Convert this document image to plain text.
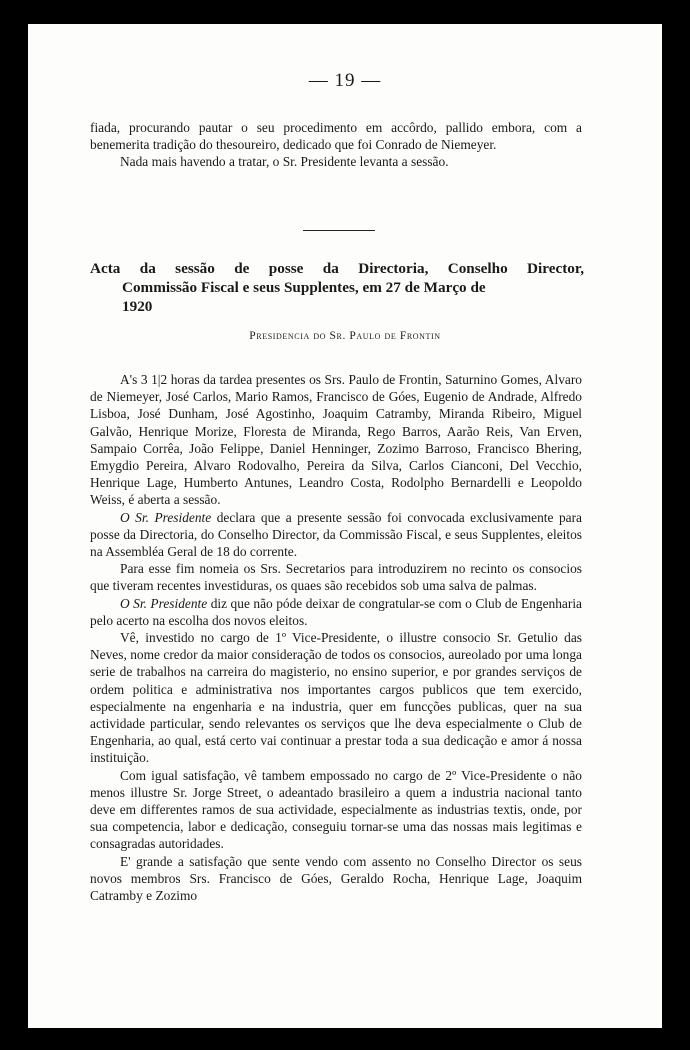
— 19 —

fiada, procurando pautar o seu procedimento em accôrdo, pallido embora, com a benemerita tradição do thesoureiro, dedicado que foi Conrado de Niemeyer.

Nada mais havendo a tratar, o Sr. Presidente levanta a sessão.

Acta da sessão de posse da Directoria, Conselho Director,
Commissão Fiscal e seus Supplentes, em 27 de Março de
1920
Presidencia do Sr. Paulo de Frontin

A's 3 1|2 horas da tardea presentes os Srs. Paulo de Frontin, Saturnino Gomes, Alvaro de Niemeyer, José Carlos, Mario Ramos, Francisco de Góes, Eugenio de Andrade, Alfredo Lisboa, José Dunham, José Agostinho, Joaquim Catramby, Miranda Ribeiro, Miguel Galvão, Henrique Morize, Floresta de Miranda, Rego Barros, Aarão Reis, Van Erven, Sampaio Corrêa, João Felippe, Daniel Henninger, Zozimo Barroso, Francisco Bhering, Emygdio Pereira, Alvaro Rodovalho, Pereira da Silva, Carlos Cianconi, Del Vecchio, Henrique Lage, Humberto Antunes, Leandro Costa, Rodolpho Bernardelli e Leopoldo Weiss, é aberta a sessão.

O Sr. Presidente declara que a presente sessão foi convocada exclusivamente para posse da Directoria, do Conselho Director, da Commissão Fiscal, e seus Supplentes, eleitos na Assembléa Geral de 18 do corrente.

Para esse fim nomeia os Srs. Secretarios para introduzirem no recinto os consocios que tiveram recentes investiduras, os quaes são recebidos sob uma salva de palmas.

O Sr. Presidente diz que não póde deixar de congratular-se com o Club de Engenharia pelo acerto na escolha dos novos eleitos.

Vê, investido no cargo de 1º Vice-Presidente, o illustre consocio Sr. Getulio das Neves, nome credor da maior consideração de todos os consocios, aureolado por uma longa serie de trabalhos na carreira do magisterio, no ensino superior, e por grandes serviços de ordem politica e administrativa nos importantes cargos publicos que tem exercido, especialmente na engenharia e na industria, quer em funcções publicas, quer na sua actividade particular, sendo relevantes os serviços que lhe deva especialmente o Club de Engenharia, ao qual, está certo vai continuar a prestar toda a sua dedicação e amor á nossa instituição.

Com igual satisfação, vê tambem empossado no cargo de 2º Vice-Presidente o não menos illustre Sr. Jorge Street, o adeantado brasileiro a quem a industria nacional tanto deve em differentes ramos de sua actividade, especialmente as industrias textis, onde, por sua competencia, labor e dedicação, conseguiu tornar-se uma das nossas mais legitimas e consagradas autoridades.

E' grande a satisfação que sente vendo com assento no Conselho Director os seus novos membros Srs. Francisco de Góes, Geraldo Rocha, Henrique Lage, Joaquim Catramby e Zozimo
